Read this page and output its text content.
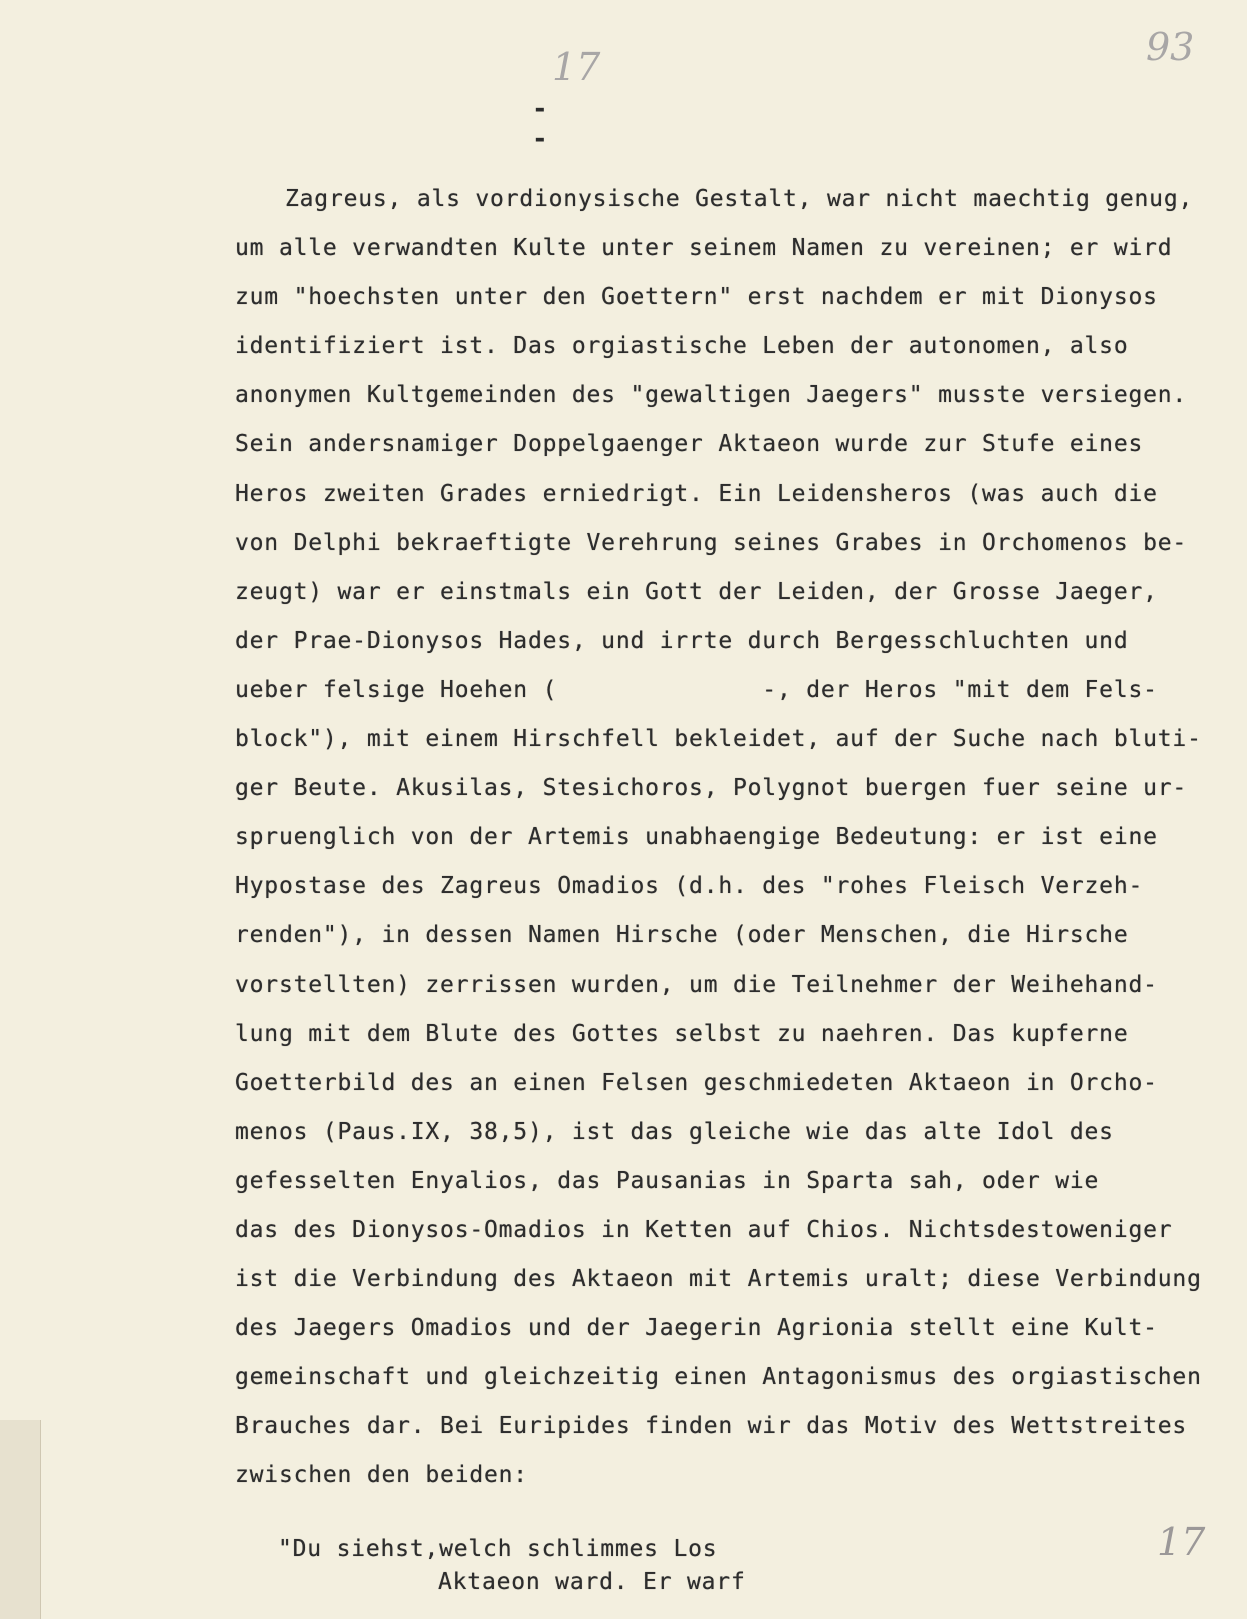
17	93
- -
Zagreus, als vordionysische Gestalt, war nicht maechtig genug,
um alle verwandten Kulte unter seinem Namen zu vereinen; er wird
zum "hoechsten unter den Goettern" erst nachdem er mit Dionysos
identifiziert ist. Das orgiastische Leben der autonomen, also
anonymen Kultgemeinden des "gewaltigen Jaegers" musste versiegen.
Sein andersnamiger Doppelgaenger Aktaeon wurde zur Stufe eines
Heros zweiten Grades erniedrigt. Ein Leidensheros (was auch die
von Delphi bekraeftigte Verehrung seines Grabes in Orchomenos be-
zeugt) war er einstmals ein Gott der Leiden, der Grosse Jaeger,
der Prae-Dionysos Hades, und irrte durch Bergesschluchten und
ueber felsige Hoehen (              -, der Heros "mit dem Fels-
block"), mit einem Hirschfell bekleidet, auf der Suche nach bluti-
ger Beute. Akusilas, Stesichoros, Polygnot buergen fuer seine ur-
spruenglich von der Artemis unabhaengige Bedeutung: er ist eine
Hypostase des Zagreus Omadios (d.h. des "rohes Fleisch Verzeh-
renden"), in dessen Namen Hirsche (oder Menschen, die Hirsche
vorstellten) zerrissen wurden, um die Teilnehmer der Weihehand-
lung mit dem Blute des Gottes selbst zu naehren. Das kupferne
Goetterbild des an einen Felsen geschmiedeten Aktaeon in Orcho-
menos (Paus.IX, 38,5), ist das gleiche wie das alte Idol des
gefesselten Enyalios, das Pausanias in Sparta sah, oder wie
das des Dionysos-Omadios in Ketten auf Chios. Nichtsdestoweniger
ist die Verbindung des Aktaeon mit Artemis uralt; diese Verbindung
des Jaegers Omadios und der Jaegerin Agrionia stellt eine Kult-
gemeinschaft und gleichzeitig einen Antagonismus des orgiastischen
Brauches dar. Bei Euripides finden wir das Motiv des Wettstreites
zwischen den beiden:
"Du siehst,welch schlimmes Los
Aktaeon ward. Er warf
17
